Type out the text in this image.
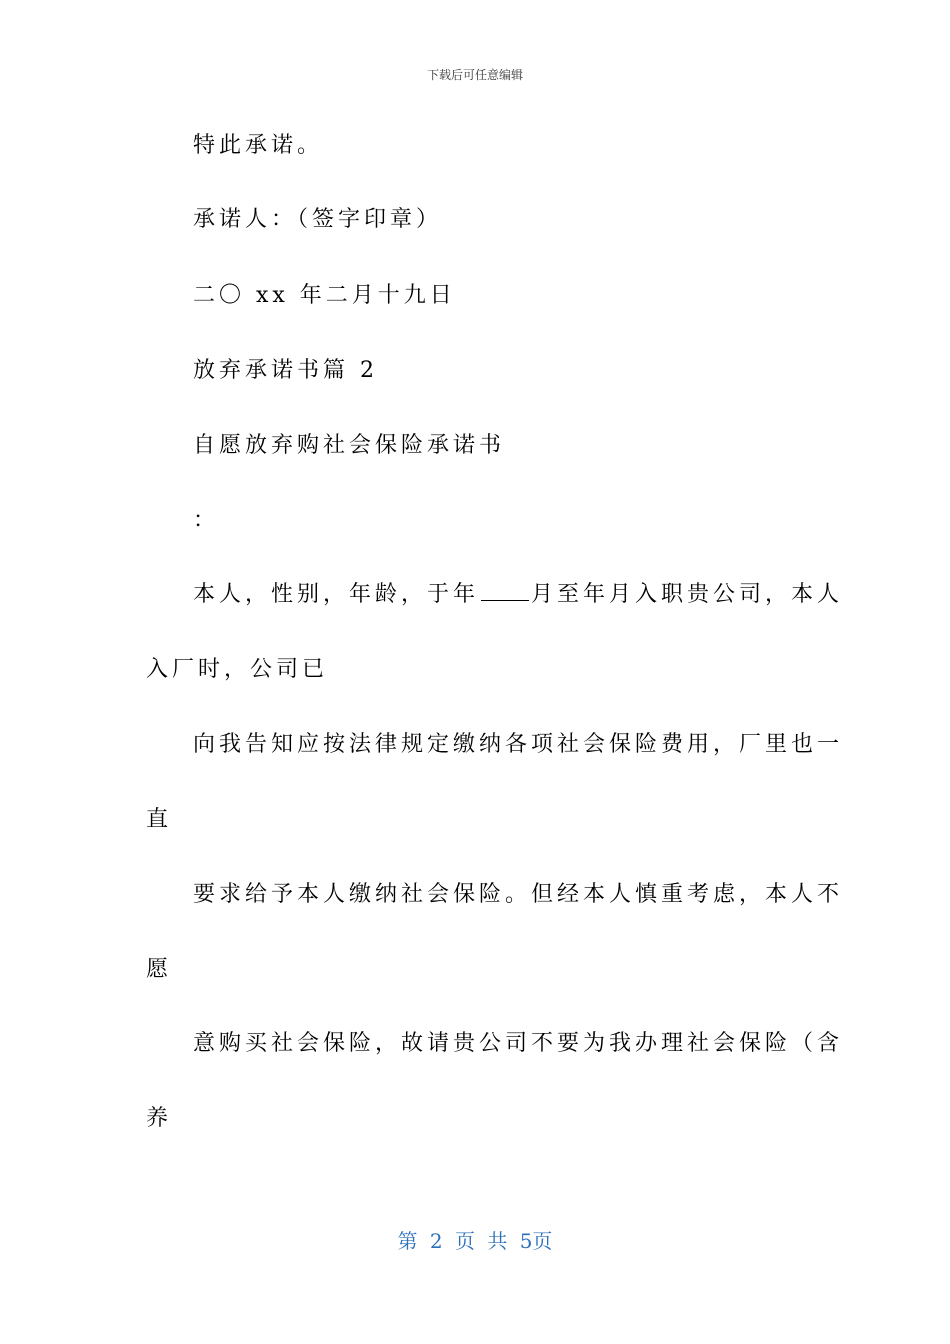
下载后可任意编辑
特此承诺。
承诺人：（签字印章）
二〇 xx 年二月十九日
放弃承诺书篇 2
自愿放弃购社会保险承诺书
：
本人，性别，年龄，于年 月至年月入职贵公司，本人
入厂时，公司已
向我告知应按法律规定缴纳各项社会保险费用，厂里也一
直
要求给予本人缴纳社会保险。但经本人慎重考虑，本人不
愿
意购买社会保险，故请贵公司不要为我办理社会保险（含
养
第 2 页 共 5页
